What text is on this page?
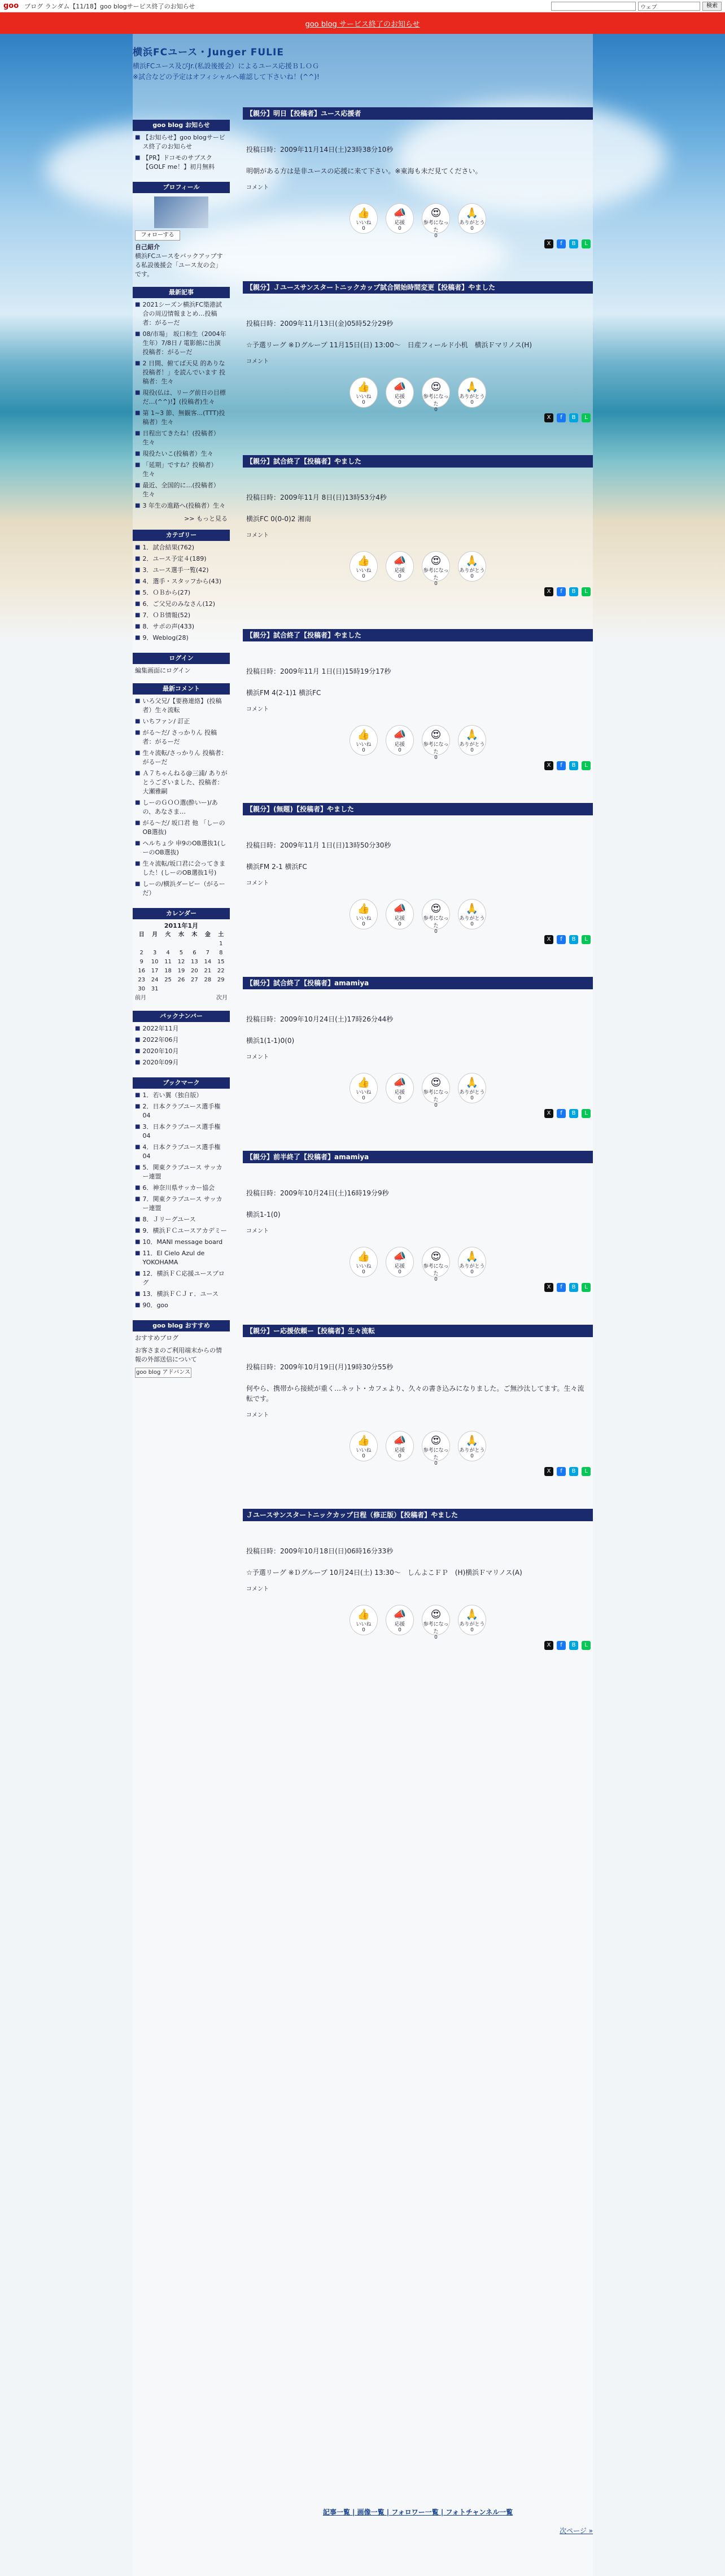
goo ブログ ランダム【11/18】goo blogサービス終了のお知らせ	ウェブ	検索
goo blog サービス終了のお知らせ
横浜FCユース・Junger FULIE

横浜FCユース及びJr.(私設後援会）によるユース応援ＢＬＯＧ

※試合などの予定はオフィシャルへ確認して下さいね！(^^)!

goo blog お知らせ
■ 【お知らせ】goo blogサービス終了のお知らせ
■ 【PR】ドコモのサブスク【GOLF me！】初月無料
プロフィール
フォローする
自己紹介
横浜FCユースをバックアップする私設後援会「ユース友の会」です。
最新記事
■ 2021シーズン横浜FC築港試合の周辺情報まとめ…投稿者：がるーだ
■ 08/市場」 坂口和生（2004年生年）7/8日 / 電影館に出演 投稿者：がるーだ
■ 2 日間、俯てば天見 的ありな投稿者！」を読んでいます 投稿者：生々
■ 現役(仏は、リーグ前日の目標だ…(^^)!】(投稿者)生々
■ 第 1~3 節、無観客...(TTT)投稿者）生々
■ 日程出てきたね！(投稿者）生々
■ 現役たいこ(投稿者）生々
■ 「延期」ですね？投稿者）生々
■ 最近、全国的に…(投稿者）生々
■ 3 年生の進路へ(投稿者）生々
>> もっと見る
カテゴリー
■ 1．試合結果(762)
■ 2．ユース予定４(189)
■ 3．ユース選手一覧(42)
■ 4．選手・スタッフから(43)
■ 5．ＯＢから(27)
■ 6．ご父兄のみなさん(12)
■ 7．ＯＢ情報(52)
■ 8．サポの声(433)
■ 9．Weblog(28)
ログイン
編集画面にログイン
最新コメント
■ いろ父兄/【要務連絡】(投稿者）生々流転
■ いちファン/ 訂正
■ がる〜だ/ さっかりん 投稿者：がるーだ
■ 生々流転/さっかりん 投稿者：がるーだ
■ Ａ７ちゃんねる@三浦/ ありがとうございました、投稿者：大瀬雅嗣
■ しーのＧＯＯ選(酔いー)/あの、あなさま…
■ がる〜だ/ 坂口君 他 「しーのOB選抜)
■ ヘルちょ少 申9のOB選抜1(しーのOB選抜)
■ 生々流転/坂口君に会ってきました！(しーのOB選抜1号)
■ しーの/横浜ダービー（がるーだ）
カレンダー
2011年1月
日	月	火	水	木	金	土
						1
2	3	4	5	6	7	8
9	10	11	12	13	14	15
16	17	18	19	20	21	22
23	24	25	26	27	28	29
30	31					
前月	次月
バックナンバー
■ 2022年11月
■ 2022年06月
■ 2020年10月
■ 2020年09月
ブックマーク
■ 1．若い翼（独自版）
■ 2．日本クラブユース選手権04
■ 3．日本クラブユース選手権04
■ 4．日本クラブユース選手権04
■ 5．関東クラブユース サッカー連盟
■ 6．神奈川県サッカー協会
■ 7．関東クラブユース サッカー連盟
■ 8．Ｊリーグユース
■ 9．横浜ＦＣユースアカデミー
■ 10．MANI message board
■ 11．El Cielo Azul de YOKOHAMA
■ 12．横浜ＦＣ応援ユースブログ
■ 13．横浜ＦＣＪｒ．ユース
■ 90．goo
goo blog おすすめ
おすすめブログ
お客さまのご利用端末からの情報の外部送信について
goo blog アドバンス
【親分】明日【投稿者】ユース応援者
投稿日時：2009年11月14日(土)23時38分10秒
明朝がある方は是非ユースの応援に来て下さい。※東海も未だ見てください。
コメント
👍
いいね
0
📣
応援
0
😍
参考になった
0
🙏
ありがとう
0
X	f	B	L
【親分】Ｊユースサンスタートニックカップ試合開始時間変更【投稿者】やました
投稿日時：2009年11月13日(金)05時52分29秒
☆予選リーグ ※Ｄグループ 11月15日(日) 13:00〜　日産フィールド小机　横浜Ｆマリノス(H)
コメント
👍
いいね
0
📣
応援
0
😍
参考になった
0
🙏
ありがとう
0
X	f	B	L
【親分】試合終了【投稿者】やました
投稿日時：2009年11月 8日(日)13時53分4秒
横浜FC 0(0-0)2 湘南
コメント
👍
いいね
0
📣
応援
0
😍
参考になった
0
🙏
ありがとう
0
X	f	B	L
【親分】試合終了【投稿者】やました
投稿日時：2009年11月 1日(日)15時19分17秒
横浜FM 4(2-1)1 横浜FC
コメント
👍
いいね
0
📣
応援
0
😍
参考になった
0
🙏
ありがとう
0
X	f	B	L
【親分】(無題)【投稿者】やました
投稿日時：2009年11月 1日(日)13時50分30秒
横浜FM 2-1 横浜FC
コメント
👍
いいね
0
📣
応援
0
😍
参考になった
0
🙏
ありがとう
0
X	f	B	L
【親分】試合終了【投稿者】amamiya
投稿日時：2009年10月24日(土)17時26分44秒
横浜1(1-1)0(0)
コメント
👍
いいね
0
📣
応援
0
😍
参考になった
0
🙏
ありがとう
0
X	f	B	L
【親分】前半終了【投稿者】amamiya
投稿日時：2009年10月24日(土)16時19分9秒
横浜1-1(0)
コメント
👍
いいね
0
📣
応援
0
😍
参考になった
0
🙏
ありがとう
0
X	f	B	L
【親分】ー応援依頼ー【投稿者】生々流転
投稿日時：2009年10月19日(月)19時30分55秒
何やら、携帯から接続が重く…ネット・カフェより、久々の書き込みになりました。ご無沙汰してます。生々流転です。
コメント
👍
いいね
0
📣
応援
0
😍
参考になった
0
🙏
ありがとう
0
X	f	B	L
Ｊユースサンスタートニックカップ日程（修正版）【投稿者】やました
投稿日時：2009年10月18日(日)06時16分33秒
☆予選リーグ ※Ｄグループ 10月24日(土) 13:30〜　しんよこＦＰ　(H)横浜Ｆマリノス(A)
コメント
👍
いいね
0
📣
応援
0
😍
参考になった
0
🙏
ありがとう
0
X	f	B	L
記事一覧 | 画像一覧 | フォロワー一覧 | フォトチャンネル一覧
次ページ »
